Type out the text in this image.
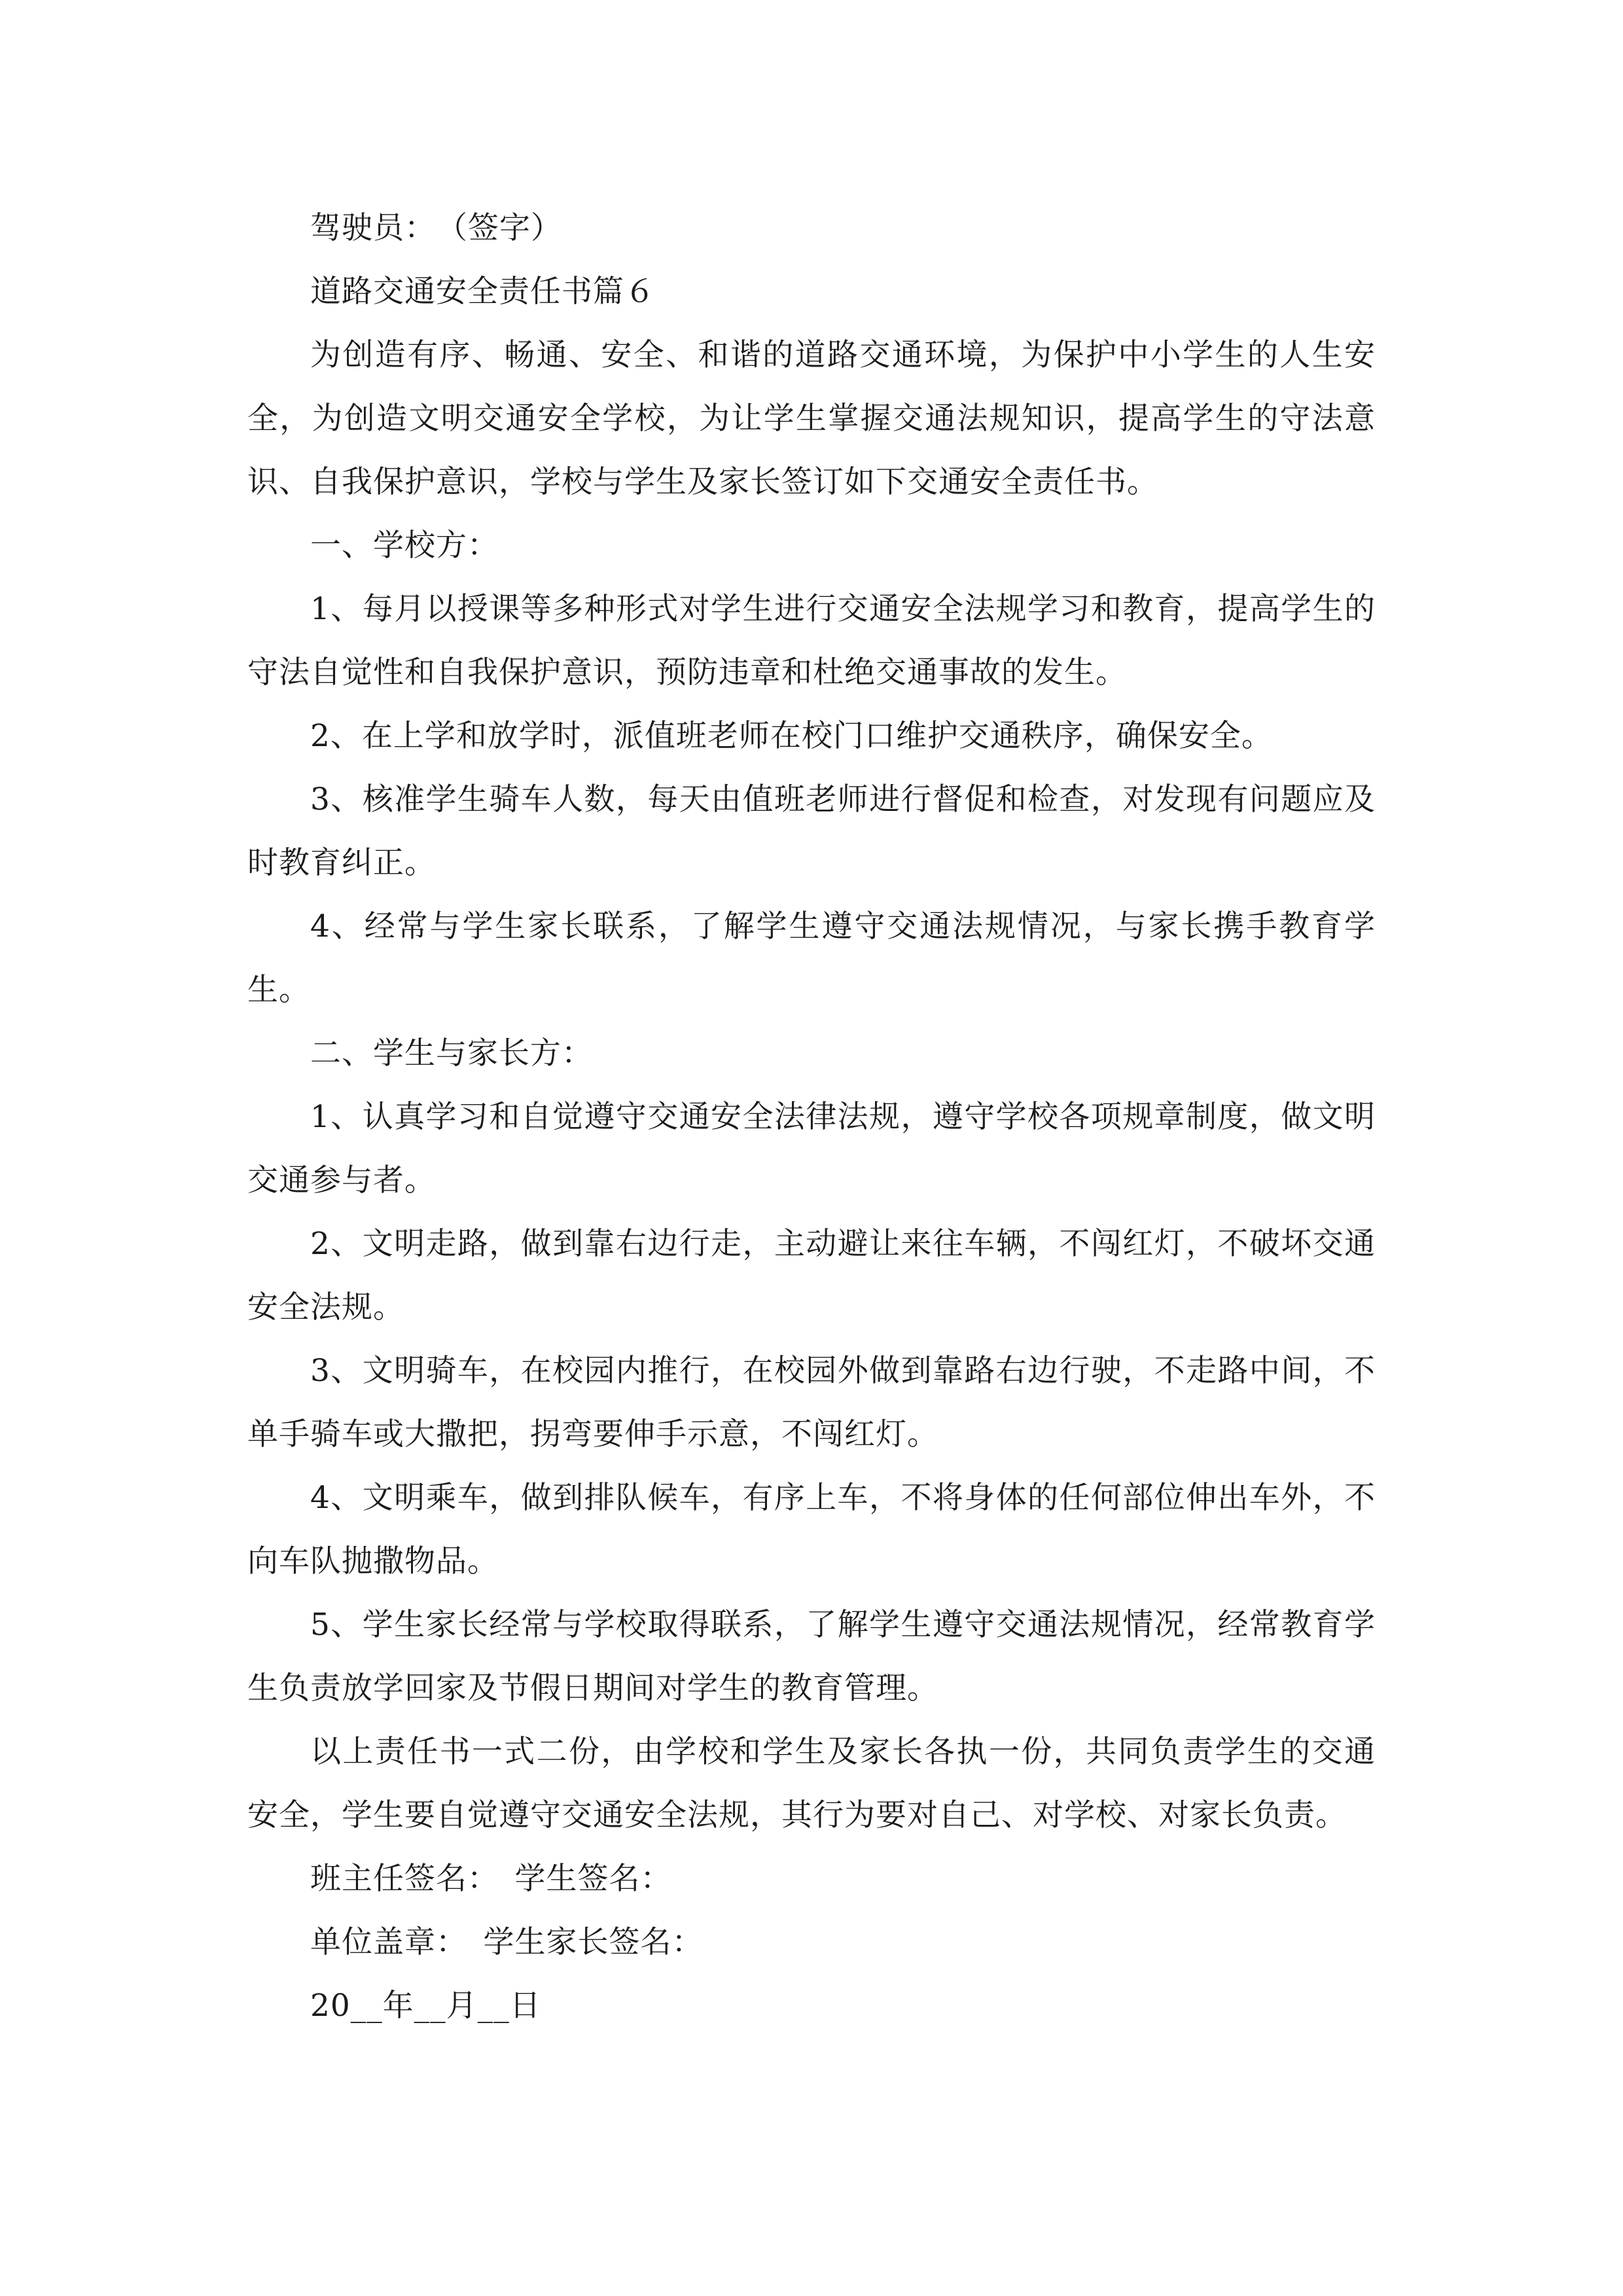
驾驶员：　（签字）

道路交通安全责任书篇６

为创造有序、畅通、安全、和谐的道路交通环境，为保护中小学生的人生安全，为创造文明交通安全学校，为让学生掌握交通法规知识，提高学生的守法意识、自我保护意识，学校与学生及家长签订如下交通安全责任书。

一、学校方：

1、每月以授课等多种形式对学生进行交通安全法规学习和教育，提高学生的守法自觉性和自我保护意识，预防违章和杜绝交通事故的发生。

2、在上学和放学时，派值班老师在校门口维护交通秩序，确保安全。

3、核准学生骑车人数，每天由值班老师进行督促和检查，对发现有问题应及时教育纠正。

4、经常与学生家长联系，了解学生遵守交通法规情况，与家长携手教育学生。

二、学生与家长方：

1、认真学习和自觉遵守交通安全法律法规，遵守学校各项规章制度，做文明交通参与者。

2、文明走路，做到靠右边行走，主动避让来往车辆，不闯红灯，不破坏交通安全法规。

3、文明骑车，在校园内推行，在校园外做到靠路右边行驶，不走路中间，不单手骑车或大撒把，拐弯要伸手示意，不闯红灯。

4、文明乘车，做到排队候车，有序上车，不将身体的任何部位伸出车外，不向车队抛撒物品。

5、学生家长经常与学校取得联系，了解学生遵守交通法规情况，经常教育学生负责放学回家及节假日期间对学生的教育管理。

以上责任书一式二份，由学校和学生及家长各执一份，共同负责学生的交通安全，学生要自觉遵守交通安全法规，其行为要对自己、对学校、对家长负责。

班主任签名：　学生签名：

单位盖章：　学生家长签名：

20__年__月__日
